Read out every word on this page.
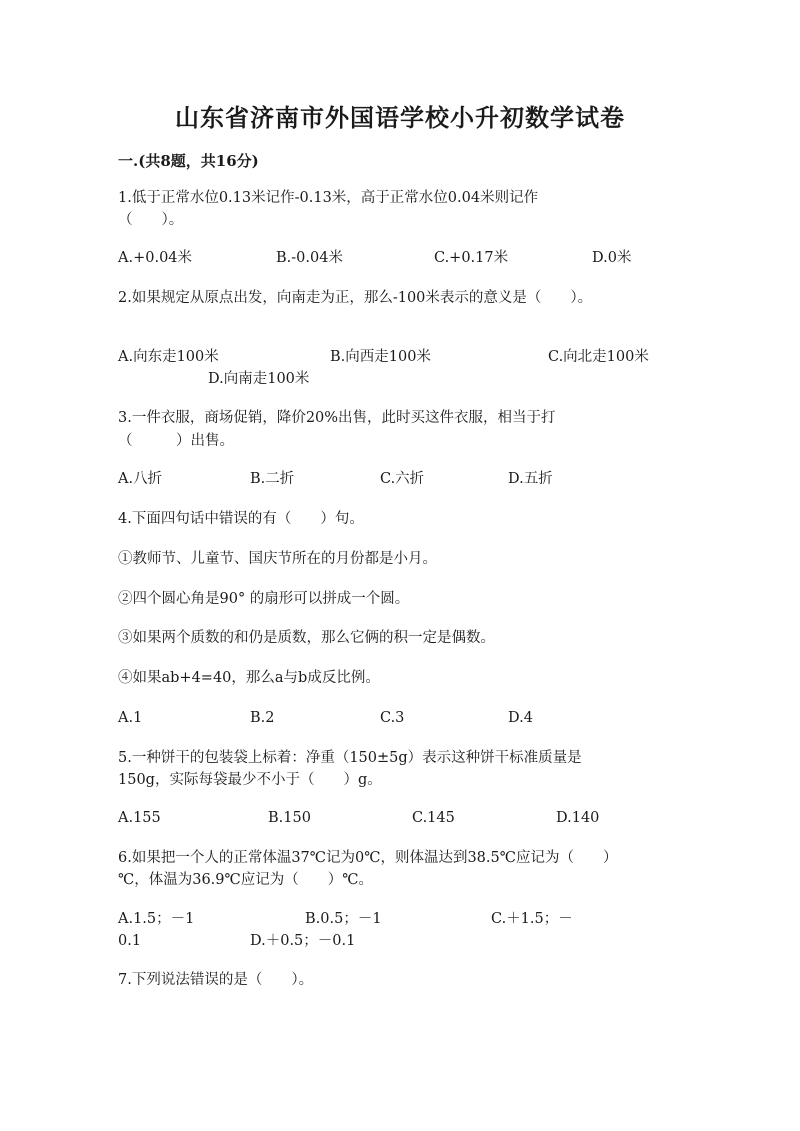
山东省济南市外国语学校小升初数学试卷
一.(共8题，共16分)
1.低于正常水位0.13米记作-0.13米，高于正常水位0.04米则记作
（　　）。
A.+0.04米	B.-0.04米	C.+0.17米	D.0米
2.如果规定从原点出发，向南走为正，那么-100米表示的意义是（　　）。
A.向东走100米	B.向西走100米	C.向北走100米
D.向南走100米
3.一件衣服，商场促销，降价20%出售，此时买这件衣服，相当于打
（　　　）出售。
A.八折	B.二折	C.六折	D.五折
4.下面四句话中错误的有（　　）句。
①教师节、儿童节、国庆节所在的月份都是小月。
②四个圆心角是90° 的扇形可以拼成一个圆。
③如果两个质数的和仍是质数，那么它俩的积一定是偶数。
④如果ab+4=40，那么a与b成反比例。
A.1	B.2	C.3	D.4
5.一种饼干的包装袋上标着：净重（150±5g）表示这种饼干标准质量是
150g，实际每袋最少不小于（　　）g。
A.155	B.150	C.145	D.140
6.如果把一个人的正常体温37℃记为0℃，则体温达到38.5℃应记为（　　）
℃，体温为36.9℃应记为（　　）℃。
A.1.5；－1	B.0.5；－1	C.＋1.5；－
0.1	D.＋0.5；－0.1
7.下列说法错误的是（　　）。
